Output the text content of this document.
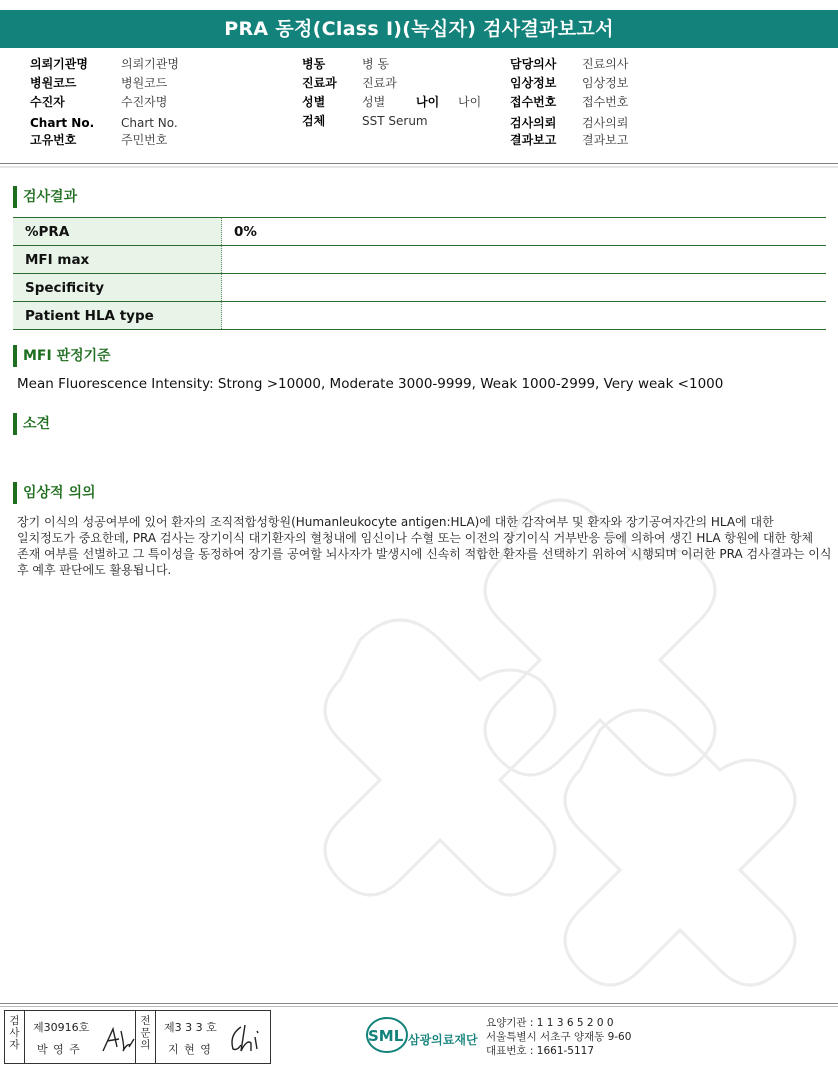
PRA 동정(Class I)(녹십자) 검사결과보고서
의뢰기관명	의뢰기관명
병원코드	병원코드
수진자	수진자명
Chart No. Chart No.
고유번호	주민번호
병동	병 동
진료과 진료과
성별	성별	나이 나이
검체	SST Serum
담당의사 진료의사
임상정보 임상정보
접수번호 접수번호
검사의뢰 검사의뢰
결과보고 결과보고
검사결과
%PRA	0%
MFI max	
Specificity	
Patient HLA type	
MFI 판정기준
Mean Fluorescence Intensity: Strong >10000, Moderate 3000-9999, Weak 1000-2999, Very weak <1000
소견
임상적 의의
장기 이식의 성공여부에 있어 환자의 조직적합성항원(Humanleukocyte antigen:HLA)에 대한 감작여부 및 환자와 장기공여자간의 HLA에 대한
일치정도가 중요한데, PRA 검사는 장기이식 대기환자의 혈청내에 임신이나 수혈 또는 이전의 장기이식 거부반응 등에 의하여 생긴 HLA 항원에 대한 항체
존재 여부를 선별하고 그 특이성을 동정하여 장기를 공여할 뇌사자가 발생시에 신속히 적합한 환자를 선택하기 위하여 시행되며 이러한 PRA 검사결과는 이식
후 예후 판단에도 활용됩니다.
검사자
제30916호
박 영 주
전문의
제3 3 3 호
지 현 영
SML 삼광의료재단
요양기관 : 1 1 3 6 5 2 0 0
서울특별시 서초구 양재동 9-60
대표번호 : 1661-5117
